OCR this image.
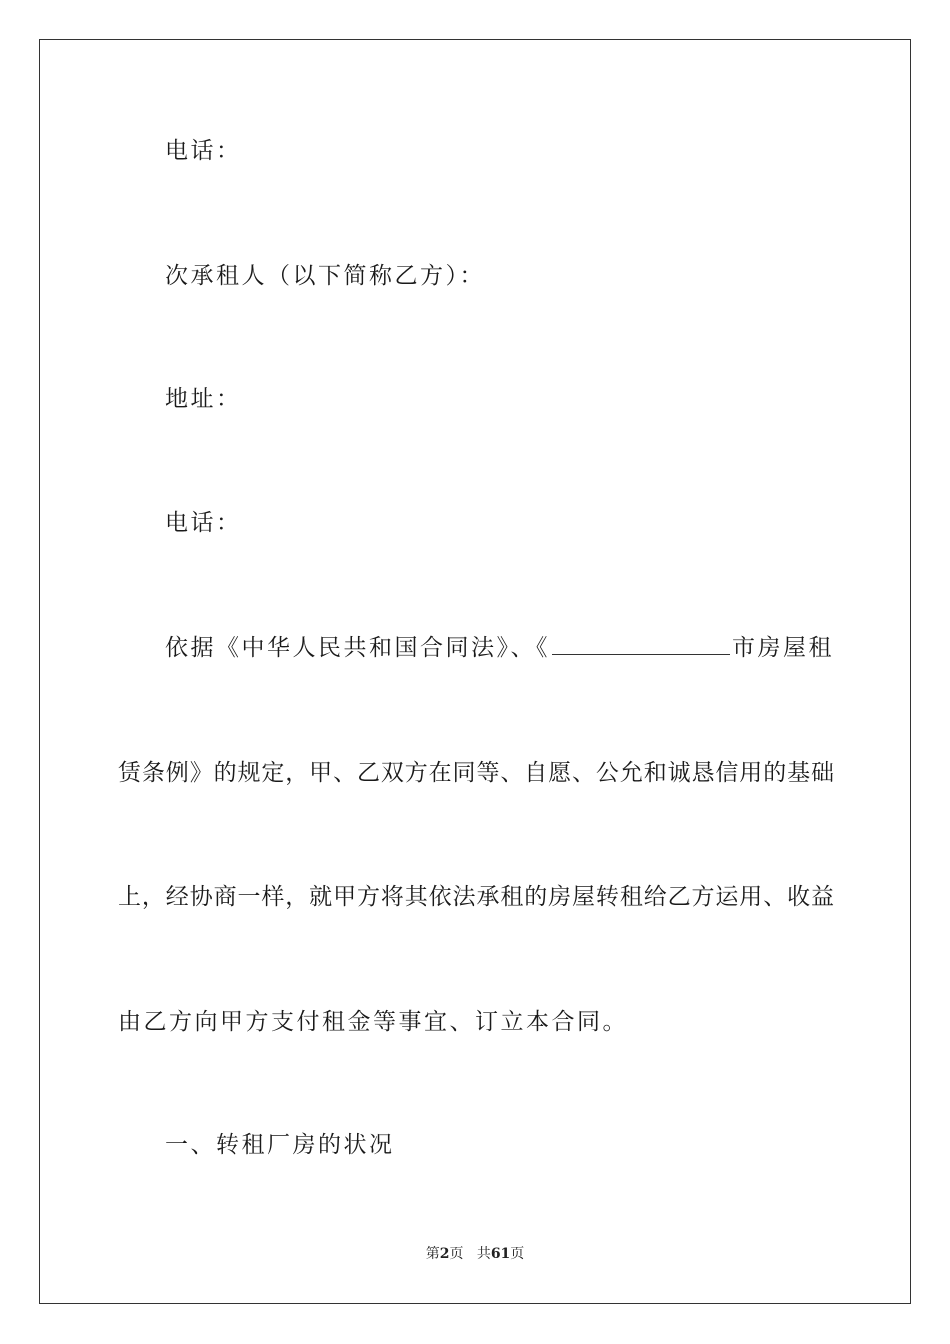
电话：
次承租人（以下简称乙方）：
地址：
电话：
依据《中华人民共和国合同法》、《	市房屋租
赁条例》的规定，甲、乙双方在同等、自愿、公允和诚恳信用的基础
上，经协商一样，就甲方将其依法承租的房屋转租给乙方运用、收益
由乙方向甲方支付租金等事宜、订立本合同。
一、转租厂房的状况
第2页 共61页
